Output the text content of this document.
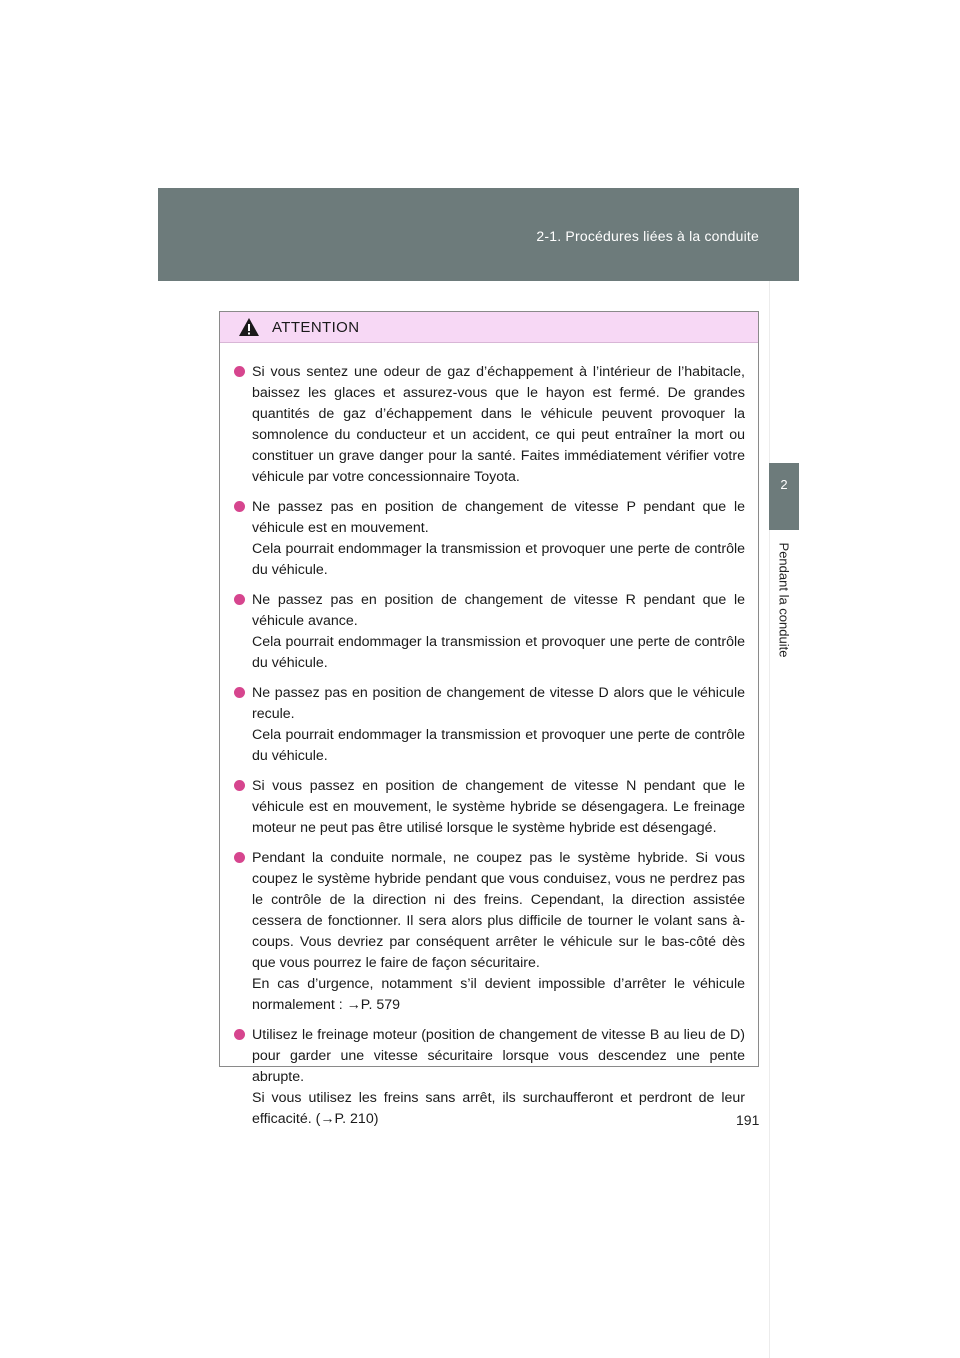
2-1. Procédures liées à la conduite
2
Pendant la conduite
ATTENTION

Si vous sentez une odeur de gaz d’échappement à l’intérieur de l’habitacle, baissez les glaces et assurez-vous que le hayon est fermé. De grandes quantités de gaz d’échappement dans le véhicule peuvent provoquer la somnolence du conducteur et un accident, ce qui peut entraîner la mort ou constituer un grave danger pour la santé. Faites immédiatement vérifier votre véhicule par votre concessionnaire Toyota.

Ne passez pas en position de changement de vitesse P pendant que le véhicule est en mouvement.

Cela pourrait endommager la transmission et provoquer une perte de contrôle du véhicule.

Ne passez pas en position de changement de vitesse R pendant que le véhicule avance.

Cela pourrait endommager la transmission et provoquer une perte de contrôle du véhicule.

Ne passez pas en position de changement de vitesse D alors que le véhicule recule.

Cela pourrait endommager la transmission et provoquer une perte de contrôle du véhicule.

Si vous passez en position de changement de vitesse N pendant que le véhicule est en mouvement, le système hybride se désengagera. Le freinage moteur ne peut pas être utilisé lorsque le système hybride est désengagé.

Pendant la conduite normale, ne coupez pas le système hybride. Si vous coupez le système hybride pendant que vous conduisez, vous ne perdrez pas le contrôle de la direction ni des freins. Cependant, la direction assistée cessera de fonctionner. Il sera alors plus difficile de tourner le volant sans à-coups. Vous devriez par conséquent arrêter le véhicule sur le bas-côté dès que vous pourrez le faire de façon sécuritaire.

En cas d’urgence, notamment s’il devient impossible d’arrêter le véhicule normalement : →P. 579

Utilisez le freinage moteur (position de changement de vitesse B au lieu de D) pour garder une vitesse sécuritaire lorsque vous descendez une pente abrupte.

Si vous utilisez les freins sans arrêt, ils surchaufferont et perdront de leur efficacité. (→P. 210)	191
